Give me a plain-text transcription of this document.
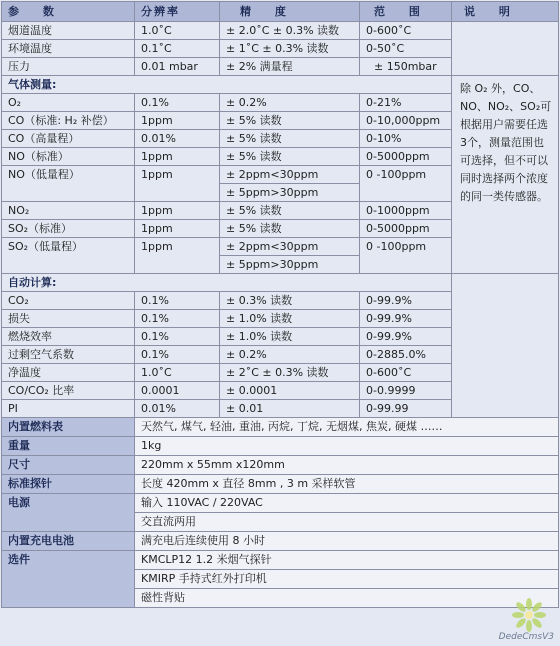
参 数	分辨率	精 度	范 围	说 明
烟道温度	1.0˚C	± 2.0˚C ± 0.3% 读数	0-600˚C	
环境温度	0.1˚C	± 1˚C ± 0.3% 读数	0-50˚C	
压力	0.01 mbar	± 2% 满量程	± 150mbar	
气体测量:				除 O₂ 外，CO、NO、NO₂、SO₂可根据用户需要任选3个，测量范围也可选择，但不可以同时选择两个浓度的同一类传感器。
O₂	0.1%	± 0.2%	0-21%	
CO（标准: H₂ 补偿）	1ppm	± 5% 读数	0-10,000ppm	
CO（高量程）	0.01%	± 5% 读数	0-10%	
NO（标准）	1ppm	± 5% 读数	0-5000ppm	
NO（低量程）	1ppm	± 2ppm<30ppm	0 -100ppm	
		± 5ppm>30ppm		
NO₂	1ppm	± 5% 读数	0-1000ppm	
SO₂（标准）	1ppm	± 5% 读数	0-5000ppm	
SO₂（低量程）	1ppm	± 2ppm<30ppm	0 -100ppm	
		± 5ppm>30ppm		
自动计算:				
CO₂	0.1%	± 0.3% 读数	0-99.9%	
损失	0.1%	± 1.0% 读数	0-99.9%	
燃烧效率	0.1%	± 1.0% 读数	0-99.9%	
过剩空气系数	0.1%	± 0.2%	0-2885.0%	
净温度	1.0˚C	± 2˚C ± 0.3% 读数	0-600˚C	
CO/CO₂ 比率	0.0001	± 0.0001	0-0.9999	
PI	0.01%	± 0.01	0-99.99	
内置燃料表	天然气, 煤气, 轻油, 重油, 丙烷, 丁烷, 无烟煤, 焦炭, 硬煤 ……			
重量	1kg			
尺寸	220mm x 55mm x120mm			
标准探针	长度 420mm x 直径 8mm , 3 m 采样软管			
电源	输入 110VAC / 220VAC			
	交直流两用			
内置充电电池	满充电后连续使用 8 小时			
选件	KMCLP12 1.2 米烟气探针			
	KMIRP 手持式红外打印机			
	磁性背贴			
DedeCmsV3
